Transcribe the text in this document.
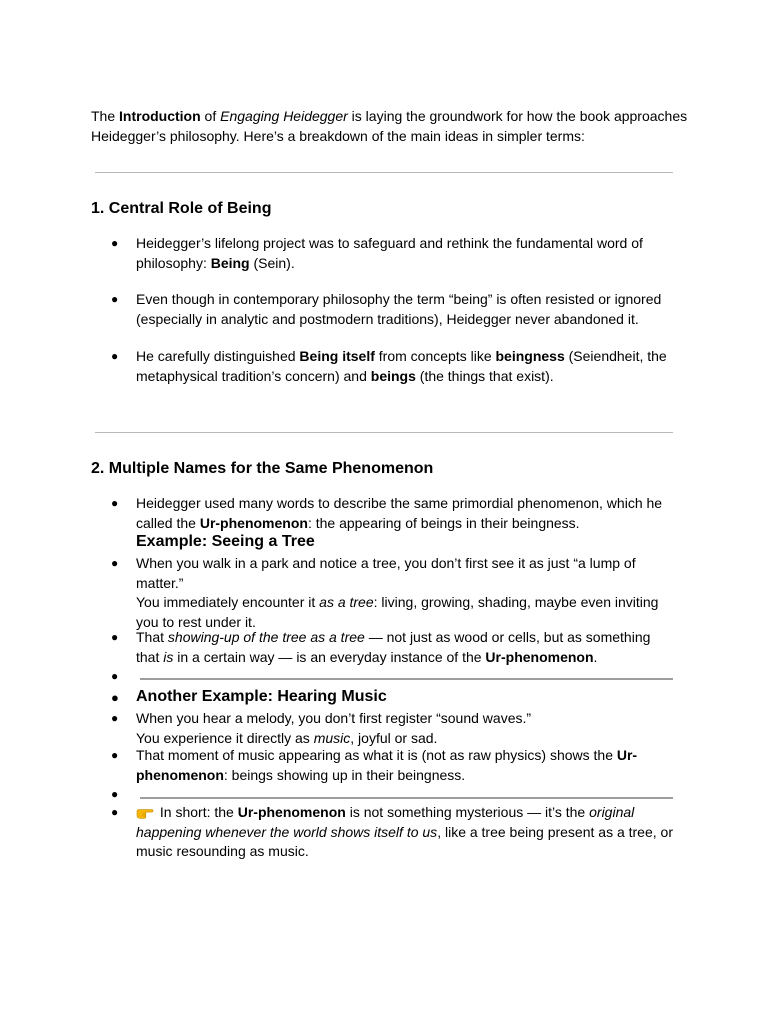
The Introduction of Engaging Heidegger is laying the groundwork for how the book approaches Heidegger’s philosophy. Here’s a breakdown of the main ideas in simpler terms:

1. Central Role of Being
● Heidegger’s lifelong project was to safeguard and rethink the fundamental word of philosophy: Being (Sein).

● Even though in contemporary philosophy the term “being” is often resisted or ignored (especially in analytic and postmodern traditions), Heidegger never abandoned it.

● He carefully distinguished Being itself from concepts like beingness (Seiendheit, the metaphysical tradition’s concern) and beings (the things that exist).

2. Multiple Names for the Same Phenomenon
● Heidegger used many words to describe the same primordial phenomenon, which he called the Ur-phenomenon: the appearing of beings in their beingness.

Example: Seeing a Tree
● When you walk in a park and notice a tree, you don’t first see it as just “a lump of matter.”
You immediately encounter it as a tree: living, growing, shading, maybe even inviting you to rest under it.

● That showing-up of the tree as a tree — not just as wood or cells, but as something that is in a certain way — is an everyday instance of the Ur-phenomenon.

●
● Another Example: Hearing Music
● When you hear a melody, you don’t first register “sound waves.”
You experience it directly as music, joyful or sad.

● That moment of music appearing as what it is (not as raw physics) shows the Ur-phenomenon: beings showing up in their beingness.

●
●	In short: the Ur-phenomenon is not something mysterious — it’s the original happening whenever the world shows itself to us, like a tree being present as a tree, or music resounding as music.
